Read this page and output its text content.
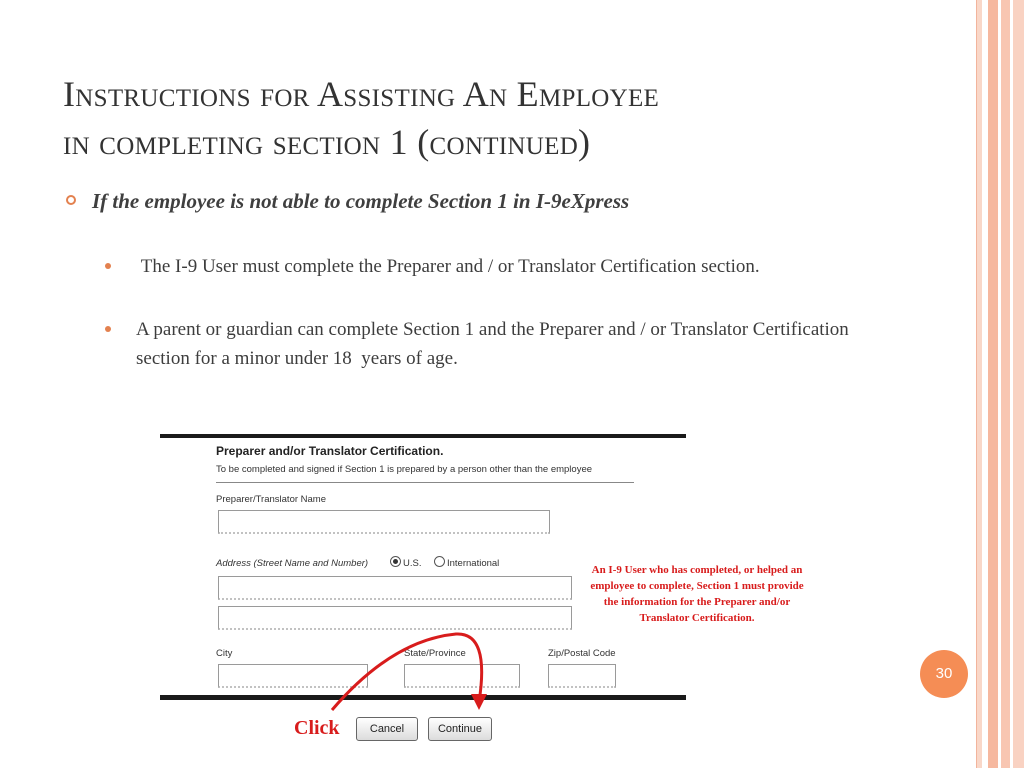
Instructions for Assisting An Employee
in completing section 1 (continued)
If the employee is not able to complete Section 1 in I-9eXpress
The I-9 User must complete the Preparer and / or Translator Certification section.
A parent or guardian can complete Section 1 and the Preparer and / or Translator Certification section for a minor under 18  years of age.
Preparer and/or Translator Certification.
To be completed and signed if Section 1 is prepared by a person other than the employee
Preparer/Translator Name
Address (Street Name and Number)	U.S.	International
City	State/Province	Zip/Postal Code
An I-9 User who has completed, or helped an employee to complete, Section 1 must provide the information for the Preparer and/or Translator Certification.
Click	Cancel	Continue
30
